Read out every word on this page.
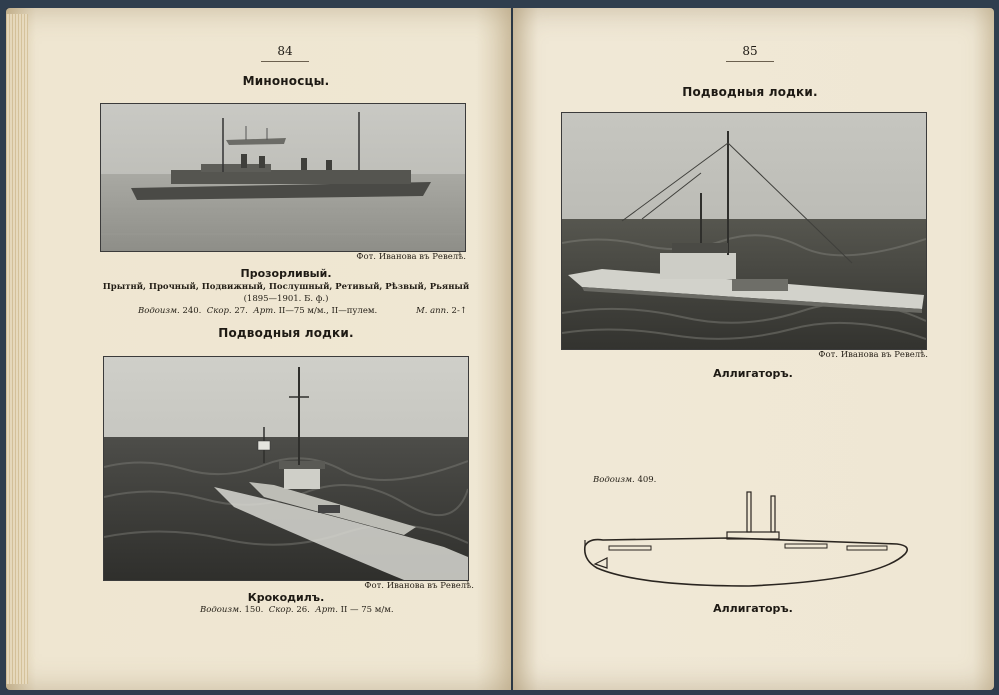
84
Миноносцы.
Фот. Иванова въ Ревелѣ.
Прозорливый.
Прытнй, Прочный, Подвижный, Послушный, Ретивый, Рѣзвый, Рьяный
(1895—1901. Б. ф.)
Водоизм. 240. Скор. 27. Арт. II—75 м/м., II—пулем.	М. апп. 2-↑
Подводныя лодки.
Фот. Иванова въ Ревелѣ.
Крокодилъ.
Водоизм. 150. Скор. 26. Арт. II — 75 м/м.
85
Подводныя лодки.
Фот. Иванова въ Ревелѣ.
Аллигаторъ.
Водоизм. 409.
Аллигаторъ.
